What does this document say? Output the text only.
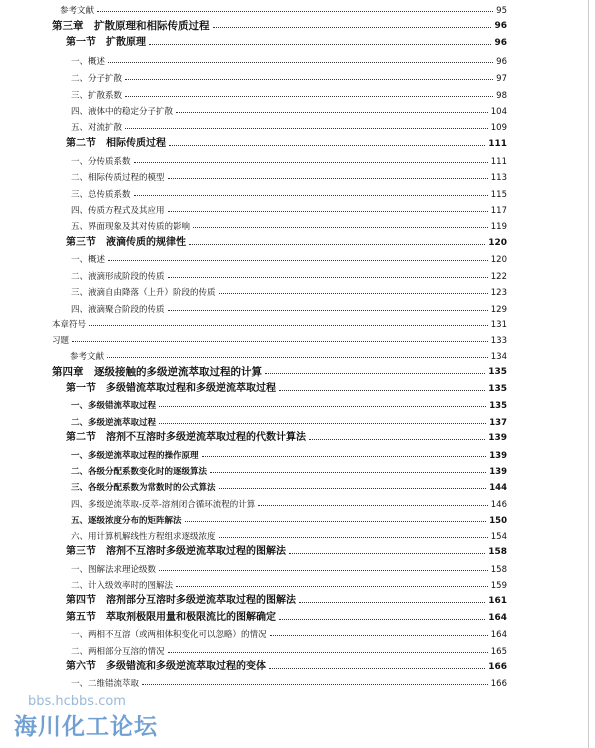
参考文献	95
第三章　扩散原理和相际传质过程	96
第一节　扩散原理	96
一、概述	96
二、分子扩散	97
三、扩散系数	98
四、液体中的稳定分子扩散	104
五、对流扩散	109
第二节　相际传质过程	111
一、分传质系数	111
二、相际传质过程的模型	113
三、总传质系数	115
四、传质方程式及其应用	117
五、界面现象及其对传质的影响	119
第三节　液滴传质的规律性	120
一、概述	120
二、液滴形成阶段的传质	122
三、液滴自由降落（上升）阶段的传质	123
四、液滴聚合阶段的传质	129
本章符号	131
习题	133
参考文献	134
第四章　逐级接触的多级逆流萃取过程的计算	135
第一节　多级错流萃取过程和多级逆流萃取过程	135
一、多级错流萃取过程	135
二、多级逆流萃取过程	137
第二节　溶剂不互溶时多级逆流萃取过程的代数计算法	139
一、多级逆流萃取过程的操作原理	139
二、各级分配系数变化时的逐级算法	139
三、各级分配系数为常数时的公式算法	144
四、多级逆流萃取-反萃-溶剂闭合循环流程的计算	146
五、逐级浓度分布的矩阵解法	150
六、用计算机解线性方程组求逐级浓度	154
第三节　溶剂不互溶时多级逆流萃取过程的图解法	158
一、图解法求理论级数	158
二、计入级效率时的图解法	159
第四节　溶剂部分互溶时多级逆流萃取过程的图解法	161
第五节　萃取剂极限用量和极限流比的图解确定	164
一、两相不互溶（或两相体积变化可以忽略）的情况	164
二、两相部分互溶的情况	165
第六节　多级错流和多级逆流萃取过程的变体	166
一、二维错流萃取	166
bbs.hcbbs.com
海川化工论坛
